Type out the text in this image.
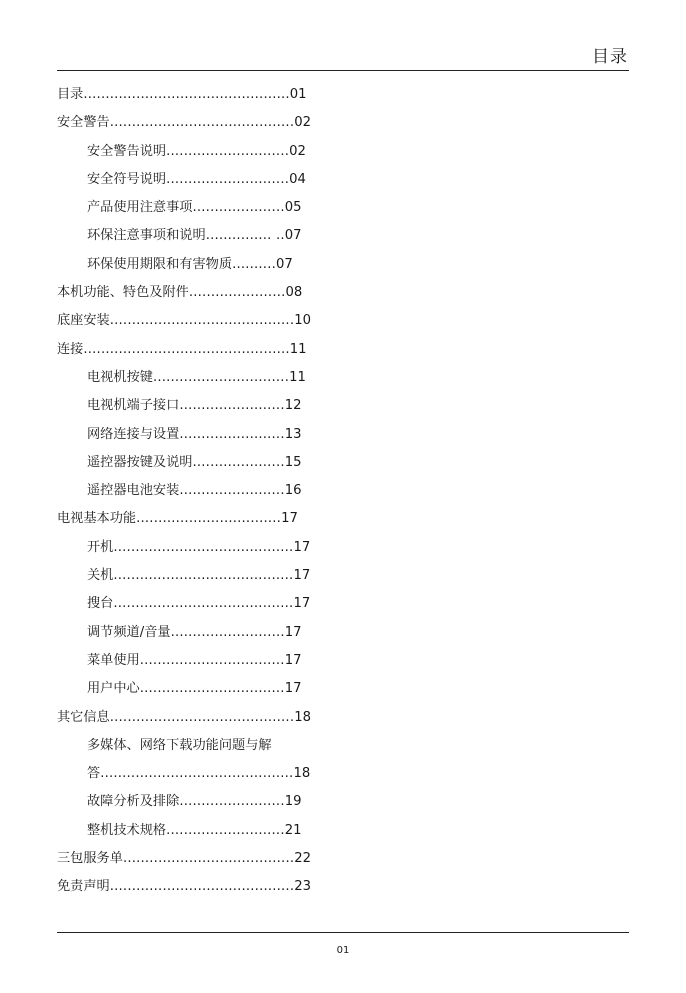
目录
目录...............................................01
安全警告..........................................02
安全警告说明............................02
安全符号说明............................04
产品使用注意事项.....................05
环保注意事项和说明............... ..07
环保使用期限和有害物质..........07
本机功能、特色及附件......................08
底座安装..........................................10
连接...............................................11
电视机按键...............................11
电视机端子接口........................12
网络连接与设置........................13
遥控器按键及说明.....................15
遥控器电池安装........................16
电视基本功能.................................17
开机.........................................17
关机.........................................17
搜台.........................................17
调节频道/音量..........................17
菜单使用.................................17
用户中心.................................17
其它信息..........................................18
多媒体、网络下载功能问题与解
答............................................18
故障分析及排除........................19
整机技术规格...........................21
三包服务单.......................................22
免责声明..........................................23
01
